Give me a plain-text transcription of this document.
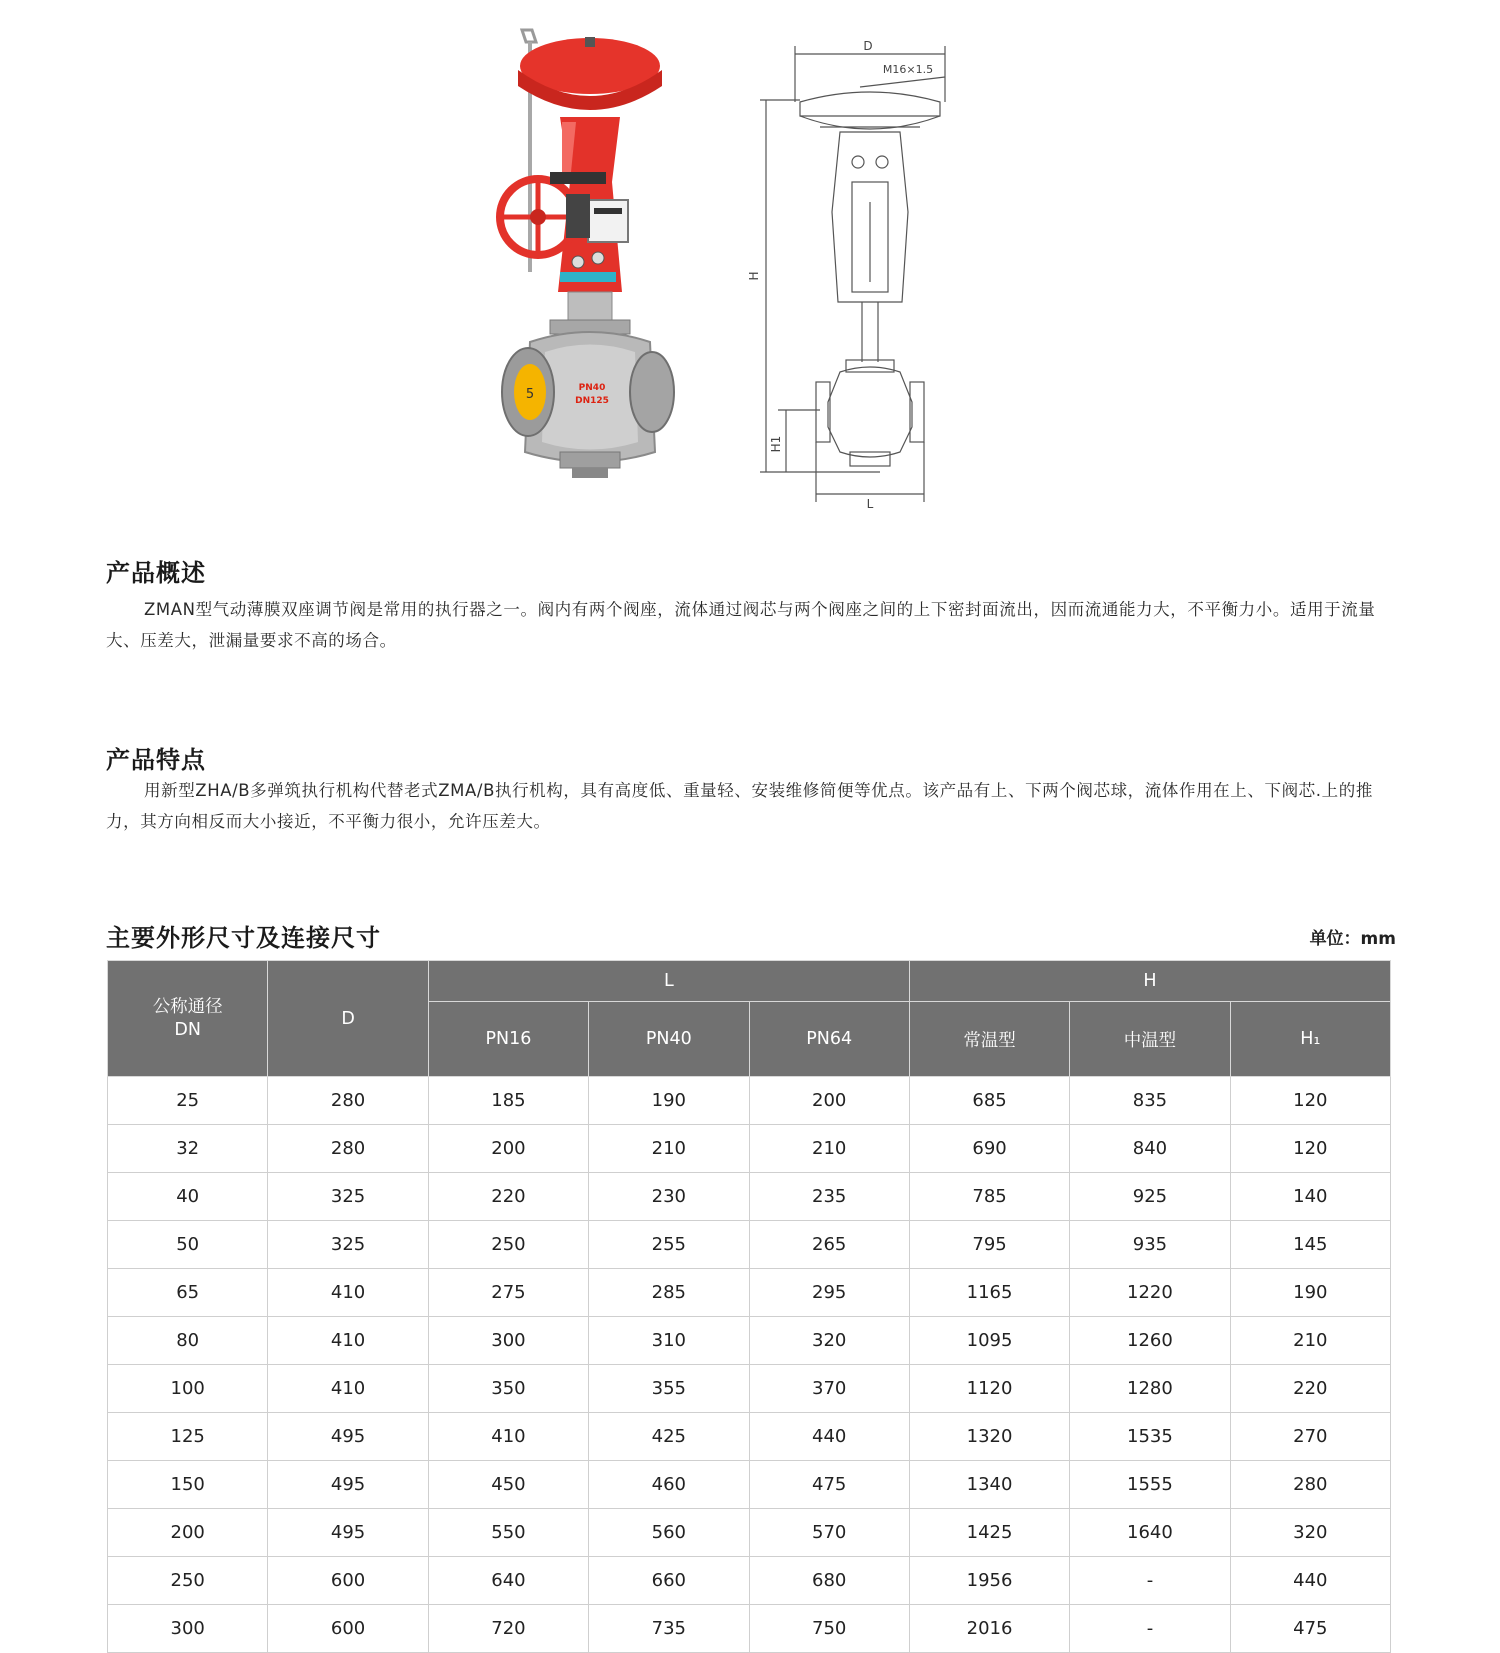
5	PN40
DN125
D
M16×1.5
H
H1
L
产品概述

ZMAN型气动薄膜双座调节阀是常用的执行器之一。阀内有两个阀座，流体通过阀芯与两个阀座之间的上下密封面流出，因而流通能力大，不平衡力小。适用于流量大、压差大，泄漏量要求不高的场合。

产品特点

用新型ZHA/B多弹筑执行机构代替老式ZMA/B执行机构，具有高度低、重量轻、安装维修简便等优点。该产品有上、下两个阀芯球，流体作用在上、下阀芯.上的推力，其方向相反而大小接近，不平衡力很小，允许压差大。

主要外形尺寸及连接尺寸	单位：mm
公称通径
DN	D	L			H		
		PN16	PN40	PN64	常温型	中温型	H₁
25	280	185	190	200	685	835	120
32	280	200	210	210	690	840	120
40	325	220	230	235	785	925	140
50	325	250	255	265	795	935	145
65	410	275	285	295	1165	1220	190
80	410	300	310	320	1095	1260	210
100	410	350	355	370	1120	1280	220
125	495	410	425	440	1320	1535	270
150	495	450	460	475	1340	1555	280
200	495	550	560	570	1425	1640	320
250	600	640	660	680	1956	-	440
300	600	720	735	750	2016	-	475
